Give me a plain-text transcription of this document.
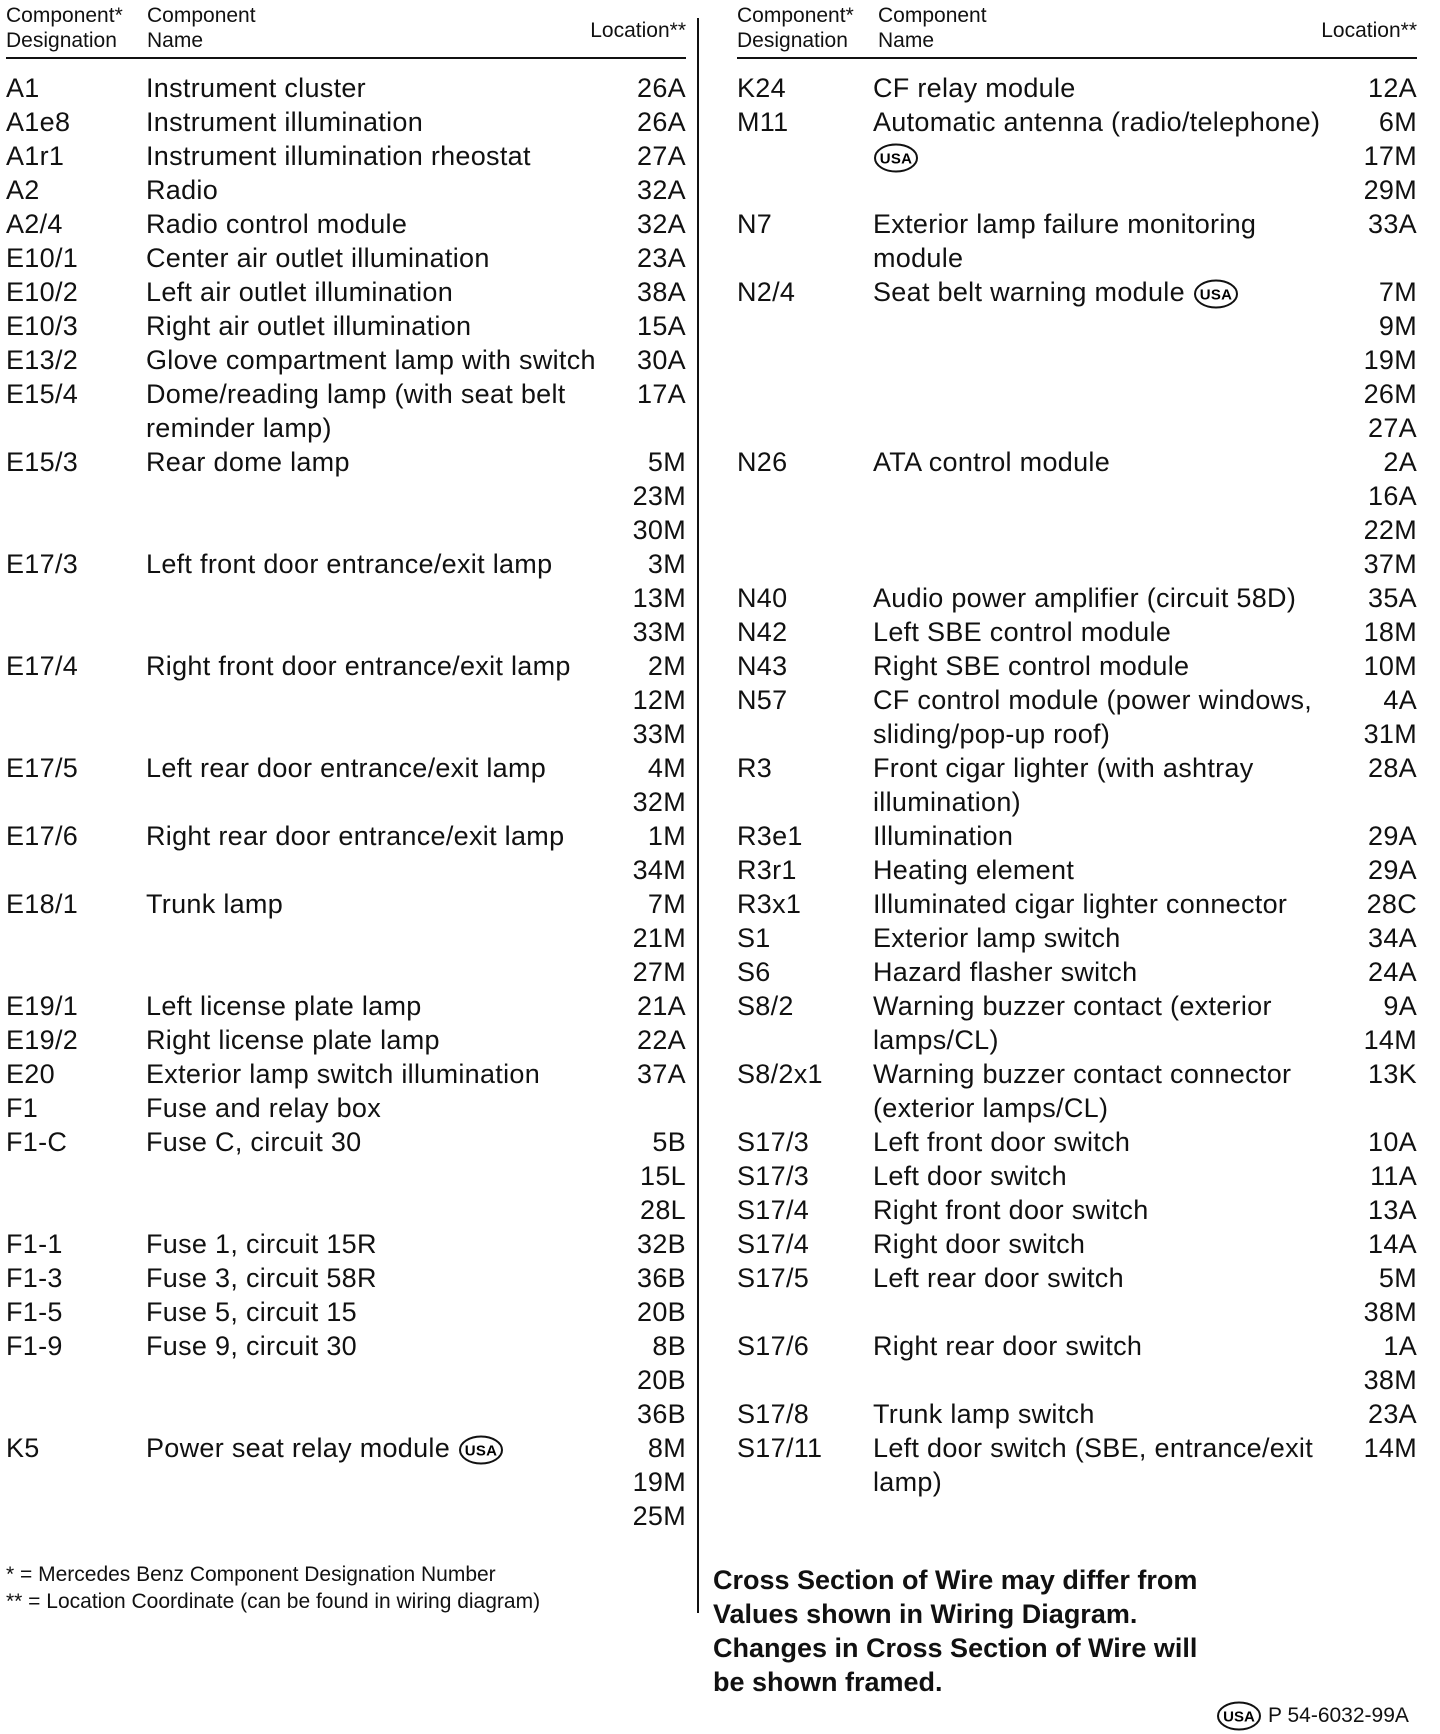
Component*
Designation
Component
Name	Location**
A1	Instrument cluster	26A
A1e8	Instrument illumination	26A
A1r1	Instrument illumination rheostat	27A
A2	Radio	32A
A2/4	Radio control module	32A
E10/1	Center air outlet illumination	23A
E10/2	Left air outlet illumination	38A
E10/3	Right air outlet illumination	15A
E13/2	Glove compartment lamp with switch	30A
E15/4	Dome/reading lamp (with seat belt reminder lamp)
17A
E15/3	Rear dome lamp	5M
23M
30M
E17/3	Left front door entrance/exit lamp	3M
13M
33M
E17/4	Right front door entrance/exit lamp	2M
12M
33M
E17/5	Left rear door entrance/exit lamp	4M
32M
E17/6	Right rear door entrance/exit lamp	1M
34M
E18/1	Trunk lamp	7M
21M
27M
E19/1	Left license plate lamp	21A
E19/2	Right license plate lamp	22A
E20	Exterior lamp switch illumination	37A
F1	Fuse and relay box
F1-C	Fuse C, circuit 30	5B
15L
28L
F1-1	Fuse 1, circuit 15R	32B
F1-3	Fuse 3, circuit 58R	36B
F1-5	Fuse 5, circuit 15	20B
F1-9	Fuse 9, circuit 30	8B
20B
36B
K5	Power seat relay module USA	8M
19M
25M
Component*
Designation
Component
Name	Location**
K24	CF relay module	12A
M11	Automatic antenna (radio/telephone)
USA
6M
17M
29M
N7	Exterior lamp failure monitoring module
33A
N2/4	Seat belt warning module USA	7M
9M
19M
26M
27A
N26	ATA control module	2A
16A
22M
37M
N40	Audio power amplifier (circuit 58D)	35A
N42	Left SBE control module	18M
N43	Right SBE control module	10M
N57	CF control module (power windows, sliding/pop-up roof)
4A
31M
R3	Front cigar lighter (with ashtray illumination)
28A
R3e1	Illumination	29A
R3r1	Heating element	29A
R3x1	Illuminated cigar lighter connector	28C
S1	Exterior lamp switch	34A
S6	Hazard flasher switch	24A
S8/2	Warning buzzer contact (exterior lamps/CL)
9A
14M
S8/2x1	Warning buzzer contact connector (exterior lamps/CL)
13K
S17/3	Left front door switch	10A
S17/3	Left door switch	11A
S17/4	Right front door switch	13A
S17/4	Right door switch	14A
S17/5	Left rear door switch	5M
38M
S17/6	Right rear door switch	1A
38M
S17/8	Trunk lamp switch	23A
S17/11	Left door switch (SBE, entrance/exit lamp)
14M
* = Mercedes Benz Component Designation Number
** = Location Coordinate (can be found in wiring diagram)
Cross Section of Wire may differ from Values shown in Wiring Diagram.
Changes in Cross Section of Wire will be shown framed.
USA P 54-6032-99A
